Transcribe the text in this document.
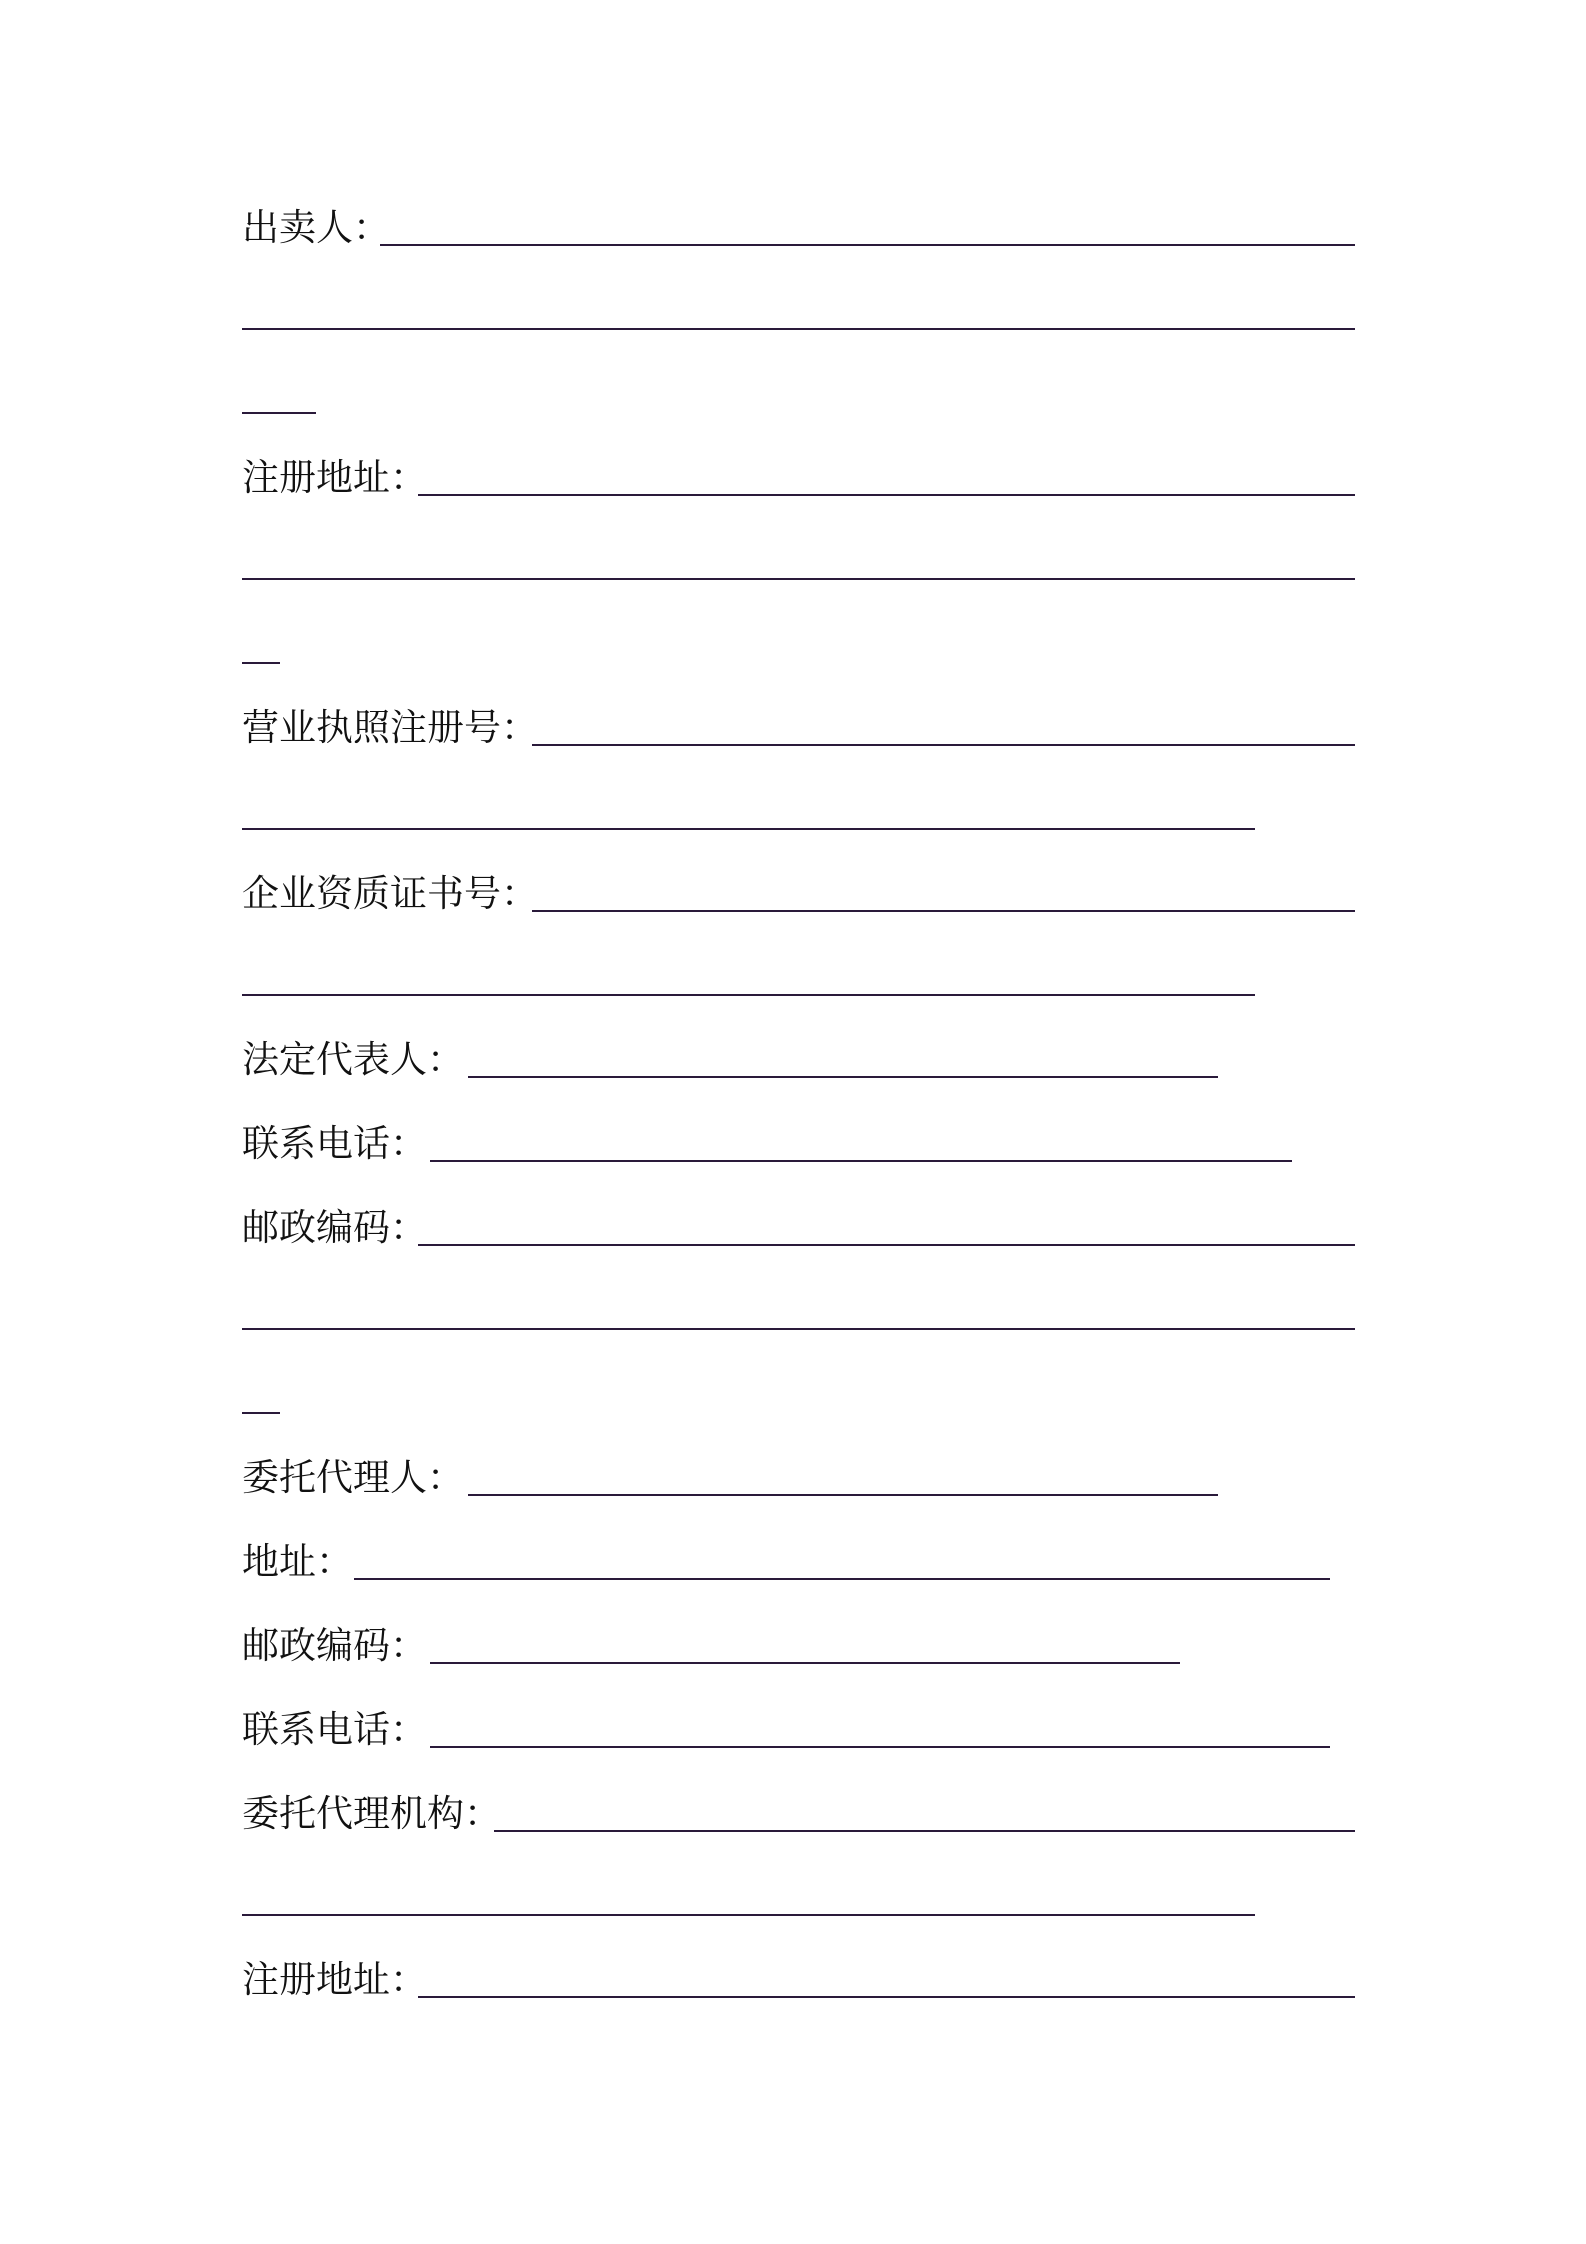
出卖人：
注册地址：
营业执照注册号：
企业资质证书号：
法定代表人：
联系电话：
邮政编码：
委托代理人：
地址：
邮政编码：
联系电话：
委托代理机构：
注册地址：
